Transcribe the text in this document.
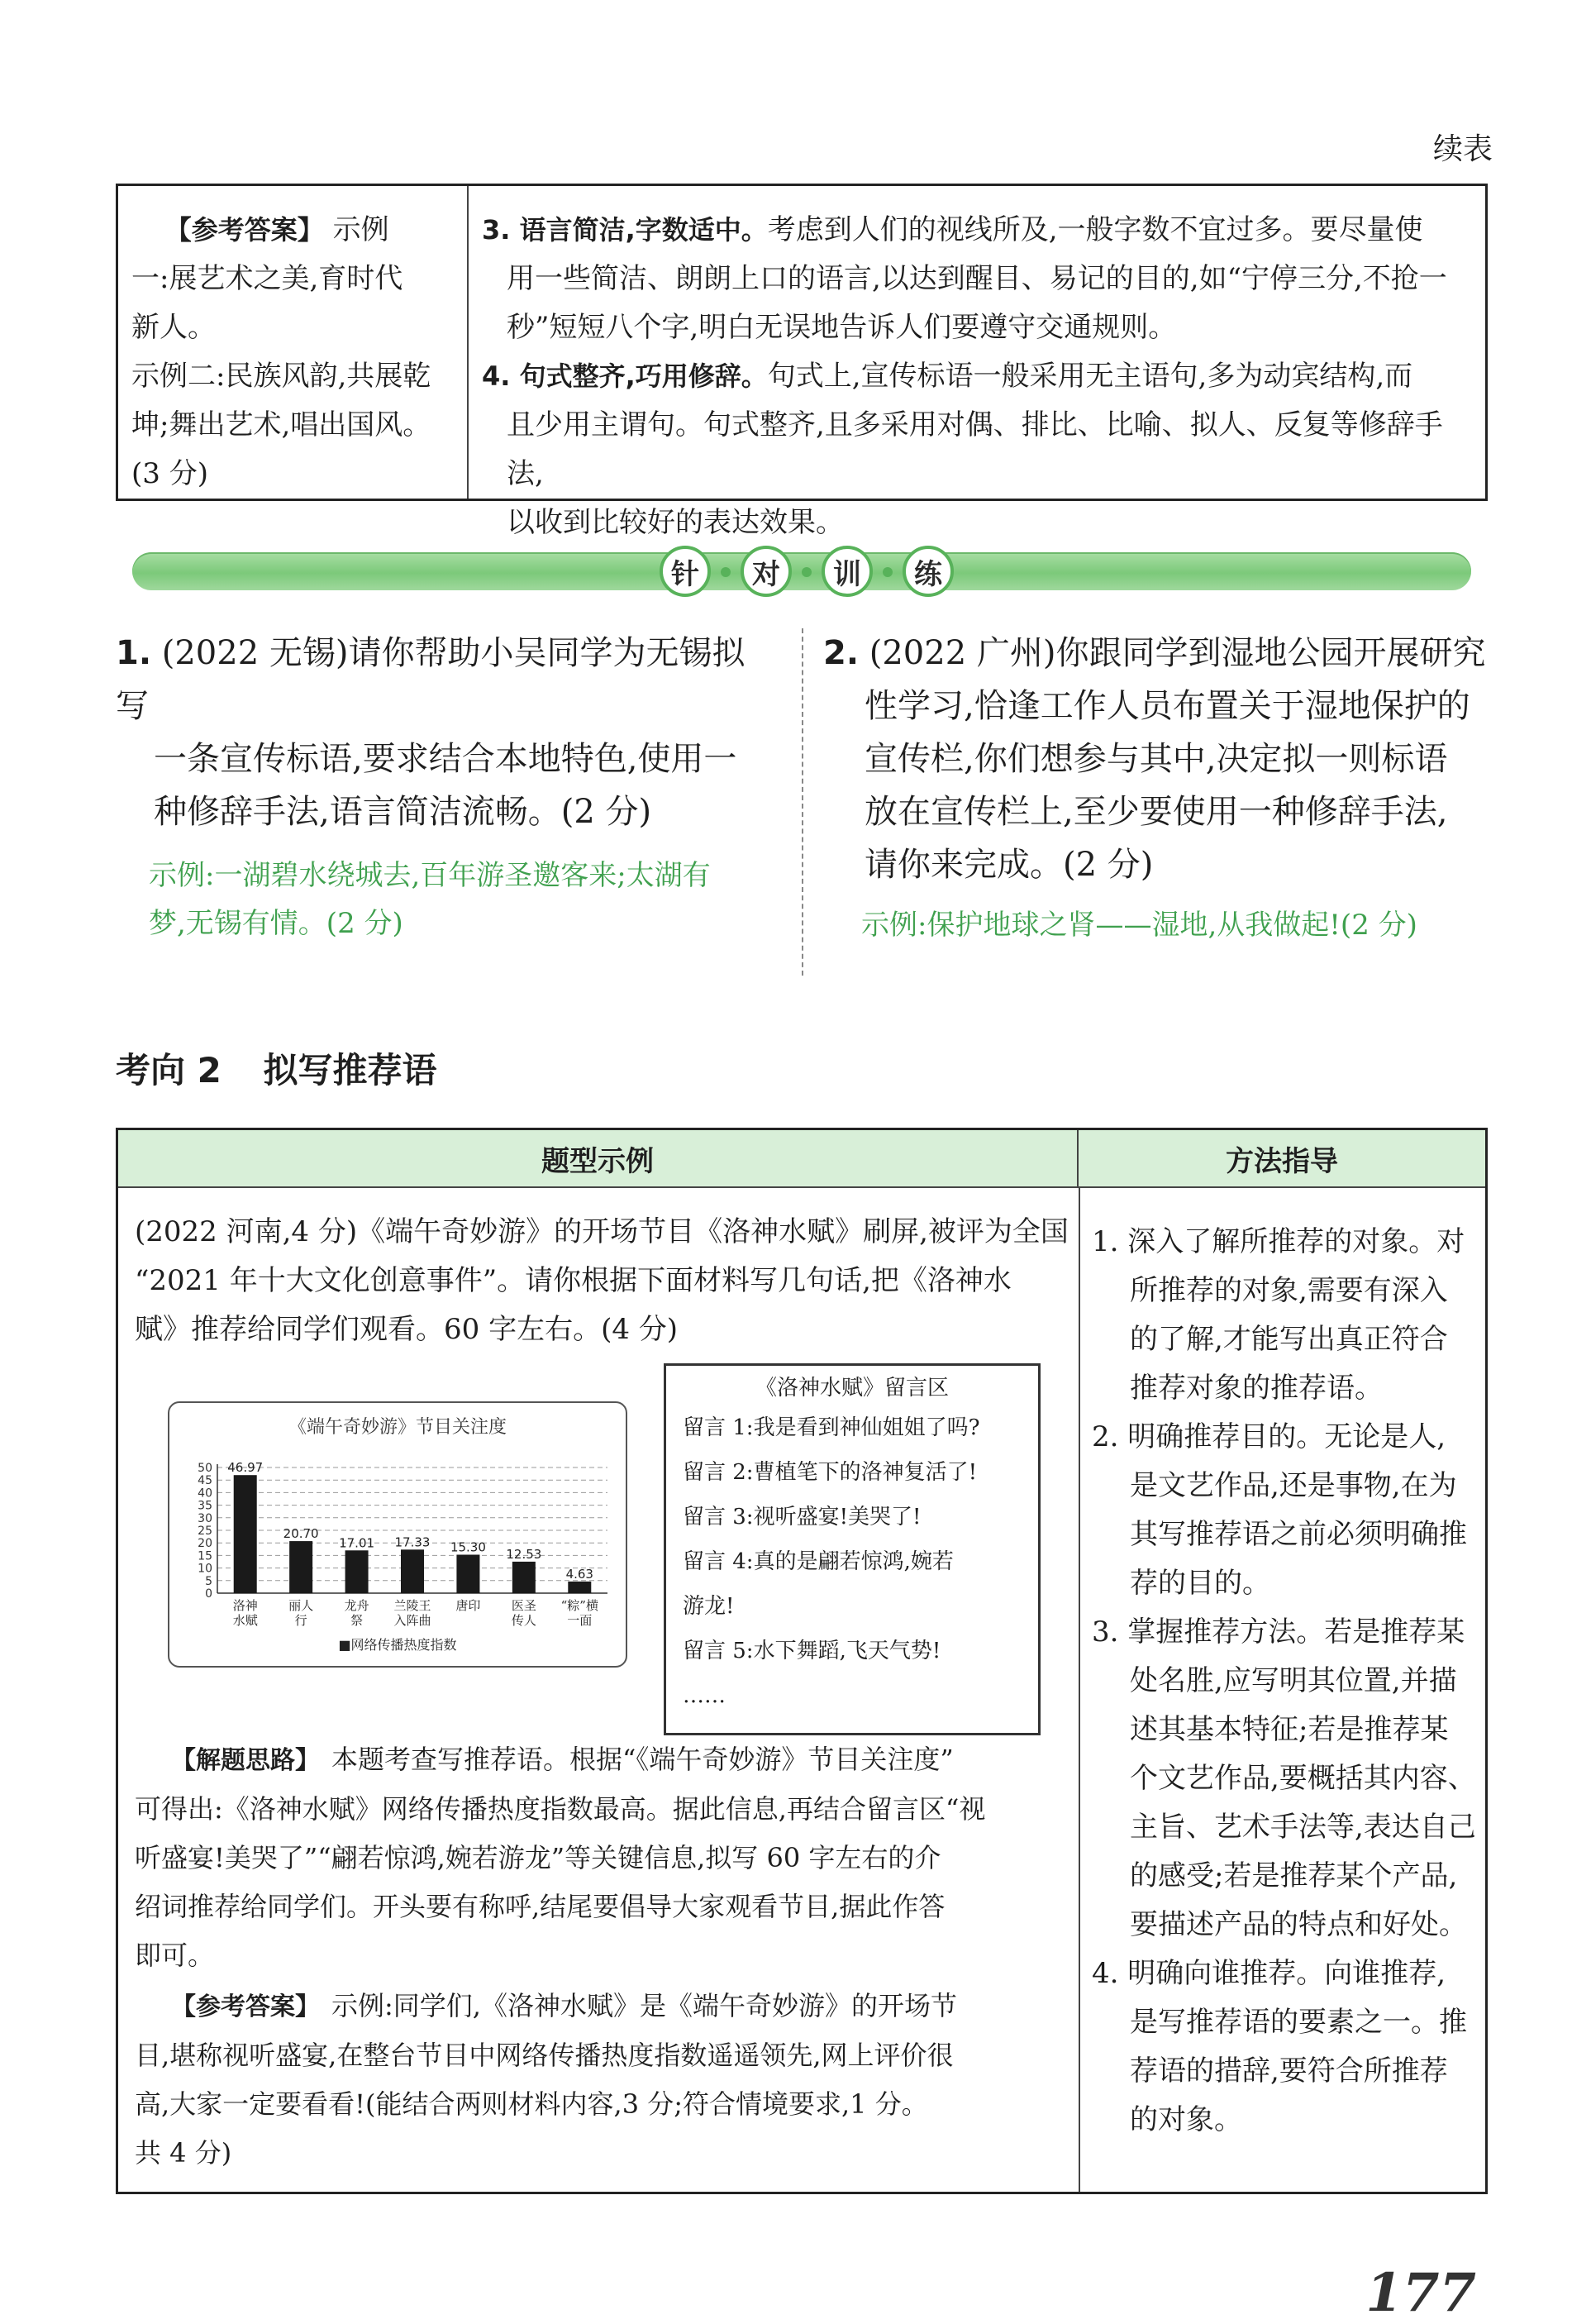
续表
【参考答案】 示例
一:展艺术之美,育时代
新人。
示例二:民族风韵,共展乾
坤;舞出艺术,唱出国风。
(3 分)
3. 语言简洁,字数适中。考虑到人们的视线所及,一般字数不宜过多。要尽量使
用一些简洁、朗朗上口的语言,以达到醒目、易记的目的,如“宁停三分,不抢一
秒”短短八个字,明白无误地告诉人们要遵守交通规则。
4. 句式整齐,巧用修辞。句式上,宣传标语一般采用无主语句,多为动宾结构,而
且少用主谓句。句式整齐,且多采用对偶、排比、比喻、拟人、反复等修辞手法,
以收到比较好的表达效果。
针	对	训	练
1. (2022 无锡)请你帮助小吴同学为无锡拟写
一条宣传标语,要求结合本地特色,使用一
种修辞手法,语言简洁流畅。(2 分)
示例:一湖碧水绕城去,百年游圣邀客来;太湖有
梦,无锡有情。(2 分)
2. (2022 广州)你跟同学到湿地公园开展研究
性学习,恰逢工作人员布置关于湿地保护的
宣传栏,你们想参与其中,决定拟一则标语
放在宣传栏上,至少要使用一种修辞手法,
请你来完成。(2 分)
示例:保护地球之肾——湿地,从我做起!(2 分)
考向 2 拟写推荐语
题型示例	方法指导
(2022 河南,4 分)《端午奇妙游》的开场节目《洛神水赋》刷屏,被评为全国
“2021 年十大文化创意事件”。请你根据下面材料写几句话,把《洛神水
赋》推荐给同学们观看。60 字左右。(4 分)
《端午奇妙游》节目关注度
0
5
10
15
20
25
30
35
40
45
50 46.97
洛神
水赋
20.70
丽人
行
17.01
龙舟
祭
17.33
兰陵王
入阵曲
15.30
唐印
12.53
医圣
传人
4.63
“粽”横
一面
■网络传播热度指数
《洛神水赋》留言区
留言 1:我是看到神仙姐姐了吗?
留言 2:曹植笔下的洛神复活了!
留言 3:视听盛宴!美哭了!
留言 4:真的是翩若惊鸿,婉若
游龙!
留言 5:水下舞蹈,飞天气势!
……
【解题思路】 本题考查写推荐语。根据“《端午奇妙游》节目关注度”
可得出:《洛神水赋》网络传播热度指数最高。据此信息,再结合留言区“视
听盛宴!美哭了”“翩若惊鸿,婉若游龙”等关键信息,拟写 60 字左右的介
绍词推荐给同学们。开头要有称呼,结尾要倡导大家观看节目,据此作答
即可。
【参考答案】 示例:同学们,《洛神水赋》是《端午奇妙游》的开场节
目,堪称视听盛宴,在整台节目中网络传播热度指数遥遥领先,网上评价很
高,大家一定要看看!(能结合两则材料内容,3 分;符合情境要求,1 分。
共 4 分)
1. 深入了解所推荐的对象。对
所推荐的对象,需要有深入
的了解,才能写出真正符合
推荐对象的推荐语。
2. 明确推荐目的。无论是人,
是文艺作品,还是事物,在为
其写推荐语之前必须明确推
荐的目的。
3. 掌握推荐方法。若是推荐某
处名胜,应写明其位置,并描
述其基本特征;若是推荐某
个文艺作品,要概括其内容、
主旨、艺术手法等,表达自己
的感受;若是推荐某个产品,
要描述产品的特点和好处。
4. 明确向谁推荐。向谁推荐,
是写推荐语的要素之一。推
荐语的措辞,要符合所推荐
的对象。
177
